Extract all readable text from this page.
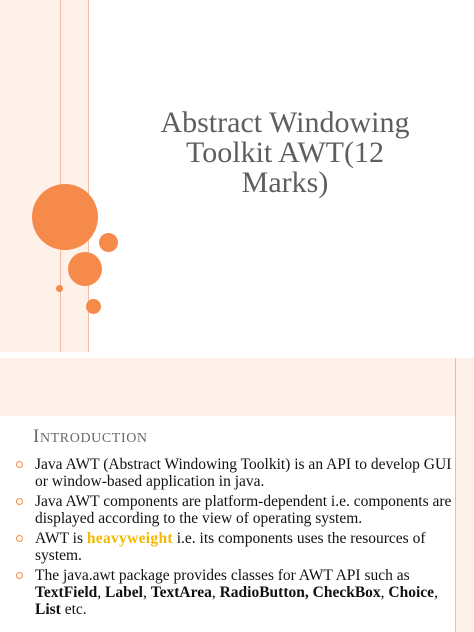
Abstract Windowing
Toolkit AWT(12
Marks)
INTRODUCTION
Java AWT (Abstract Windowing Toolkit) is an API to develop GUI or window-based application in java.
Java AWT components are platform-dependent i.e. components are displayed according to the view of operating system.
AWT is heavyweight i.e. its components uses the resources of system.
The java.awt package provides classes for AWT API such as TextField, Label, TextArea, RadioButton, CheckBox, Choice, List etc.
